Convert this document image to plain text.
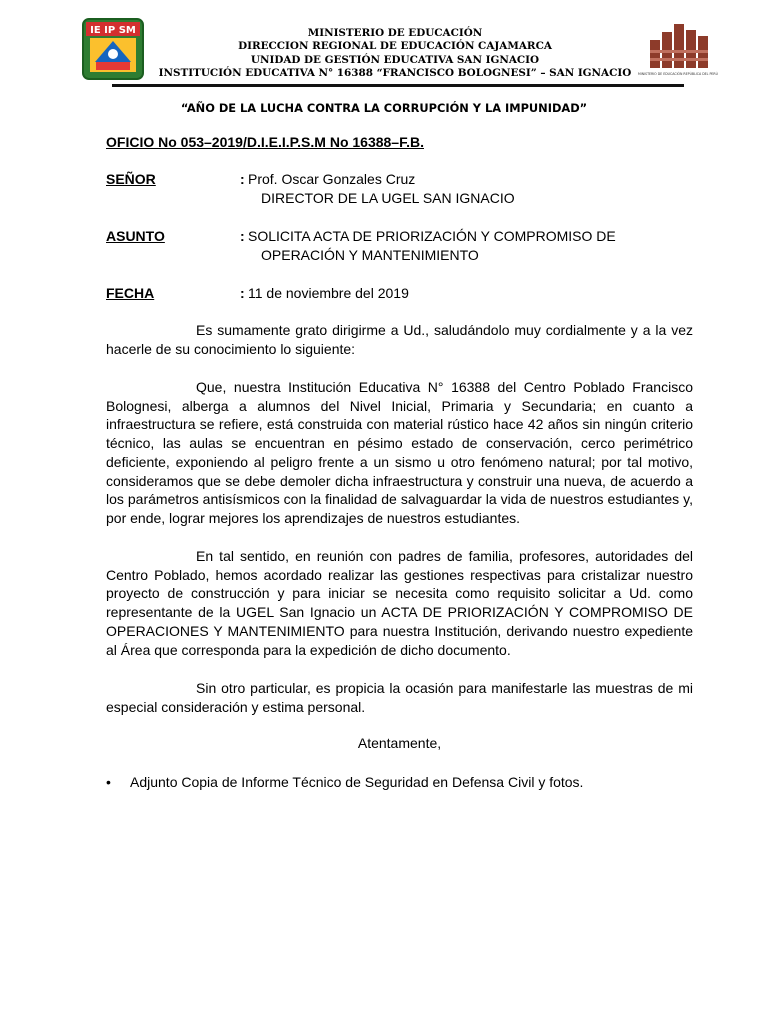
IE IP SM	MINISTERIO DE EDUCACIÓN
DIRECCION REGIONAL DE EDUCACIÓN CAJAMARCA
UNIDAD DE GESTIÓN EDUCATIVA SAN IGNACIO
INSTITUCIÓN EDUCATIVA N° 16388 “FRANCISCO BOLOGNESI” – SAN IGNACIO	MINISTERIO DE EDUCACIÓN REPÚBLICA DEL PERÚ
“AÑO DE LA LUCHA CONTRA LA CORRUPCIÓN Y LA IMPUNIDAD”
OFICIO No 053–2019/D.I.E.I.P.S.M No 16388–F.B.
SEÑOR	: Prof. Oscar Gonzales Cruz
DIRECTOR DE LA UGEL SAN IGNACIO
ASUNTO	: SOLICITA ACTA DE PRIORIZACIÓN Y COMPROMISO DE
OPERACIÓN Y MANTENIMIENTO
FECHA	: 11 de noviembre del 2019
Es sumamente grato dirigirme a Ud., saludándolo muy cordialmente y a la vez hacerle de su conocimiento lo siguiente:
Que, nuestra Institución Educativa N° 16388 del Centro Poblado Francisco Bolognesi, alberga a alumnos del Nivel Inicial, Primaria y Secundaria; en cuanto a infraestructura se refiere, está construida con material rústico hace 42 años sin ningún criterio técnico, las aulas se encuentran en pésimo estado de conservación, cerco perimétrico deficiente, exponiendo al peligro frente a un sismo u otro fenómeno natural; por tal motivo, consideramos que se debe demoler dicha infraestructura y construir una nueva, de acuerdo a los parámetros antisísmicos con la finalidad de salvaguardar la vida de nuestros estudiantes y, por ende, lograr mejores los aprendizajes de nuestros estudiantes.
En tal sentido, en reunión con padres de familia, profesores, autoridades del Centro Poblado, hemos acordado realizar las gestiones respectivas para cristalizar nuestro proyecto de construcción y para iniciar se necesita como requisito solicitar a Ud. como representante de la UGEL San Ignacio un ACTA DE PRIORIZACIÓN Y COMPROMISO DE OPERACIONES Y MANTENIMIENTO para nuestra Institución, derivando nuestro expediente al Área que corresponda para la expedición de dicho documento.
Sin otro particular, es propicia la ocasión para manifestarle las muestras de mi especial consideración y estima personal.
Atentamente,
• Adjunto Copia de Informe Técnico de Seguridad en Defensa Civil y fotos.
